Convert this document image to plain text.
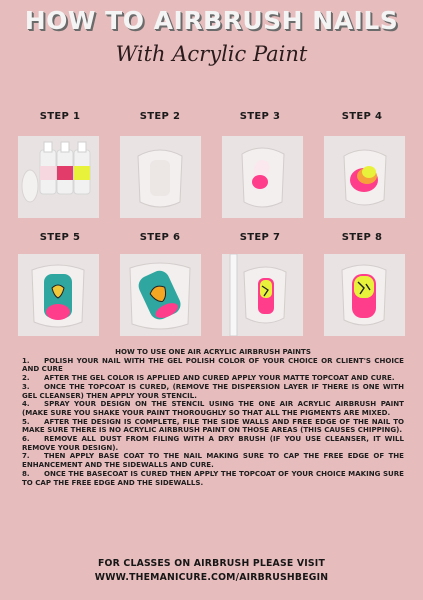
HOW TO AIRBRUSH NAILS
With Acrylic Paint
STEP 1	STEP 2	STEP 3	STEP 4
STEP 5	STEP 6	STEP 7	STEP 8
HOW TO USE ONE AIR ACRYLIC AIRBRUSH PAINTS
1. POLISH YOUR NAIL WITH THE GEL POLISH COLOR OF YOUR CHOICE OR CLIENT'S CHOICE AND CURE
2. AFTER THE GEL COLOR IS APPLIED AND CURED APPLY YOUR MATTE TOPCOAT AND CURE.
3. ONCE THE TOPCOAT IS CURED, (REMOVE THE DISPERSION LAYER IF THERE IS ONE WITH GEL CLEANSER) THEN APPLY YOUR STENCIL.
4. SPRAY YOUR DESIGN ON THE STENCIL USING THE ONE AIR ACRYLIC AIRBRUSH PAINT (MAKE SURE YOU SHAKE YOUR PAINT THOROUGHLY SO THAT ALL THE PIGMENTS ARE MIXED.
5. AFTER THE DESIGN IS COMPLETE, FILE THE SIDE WALLS AND FREE EDGE OF THE NAIL TO MAKE SURE THERE IS NO ACRYLIC AIRBRUSH PAINT ON THOSE AREAS (THIS CAUSES CHIPPING).
6. REMOVE ALL DUST FROM FILING WITH A DRY BRUSH (IF YOU USE CLEANSER, IT WILL REMOVE YOUR DESIGN).
7. THEN APPLY BASE COAT TO THE NAIL MAKING SURE TO CAP THE FREE EDGE OF THE ENHANCEMENT AND THE SIDEWALLS AND CURE.
8. ONCE THE BASECOAT IS CURED THEN APPLY THE TOPCOAT OF YOUR CHOICE MAKING SURE TO CAP THE FREE EDGE AND THE SIDEWALLS.
FOR CLASSES ON AIRBRUSH PLEASE VISIT
WWW.THEMANICURE.COM/AIRBRUSHBEGIN
